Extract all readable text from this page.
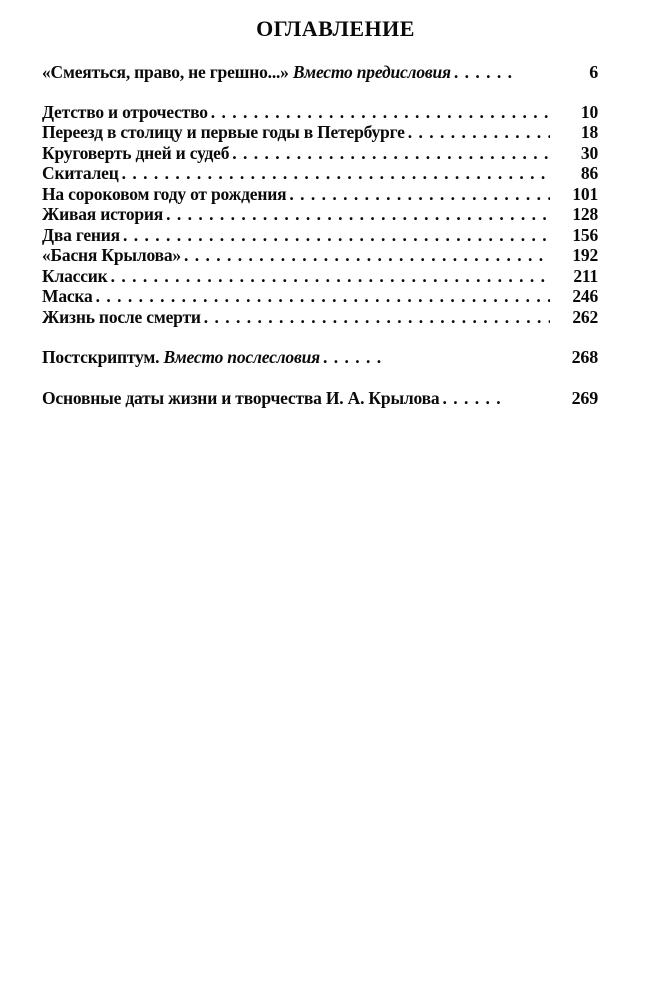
ОГЛАВЛЕНИЕ
«Смеяться, право, не грешно...» Вместо предисловия . . .	6
Детство и отрочество . . .	10
Переезд в столицу и первые годы в Петербурге . . .	18
Круговерть дней и судеб . . .	30
Скиталец . . .	86
На сороковом году от рождения . . .	101
Живая история . . .	128
Два гения . . .	156
«Басня Крылова» . . .	192
Классик . . .	211
Маска . . .	246
Жизнь после смерти . . .	262
Постскриптум. Вместо послесловия . . .	268
Основные даты жизни и творчества И. А. Крылова . . .	269
